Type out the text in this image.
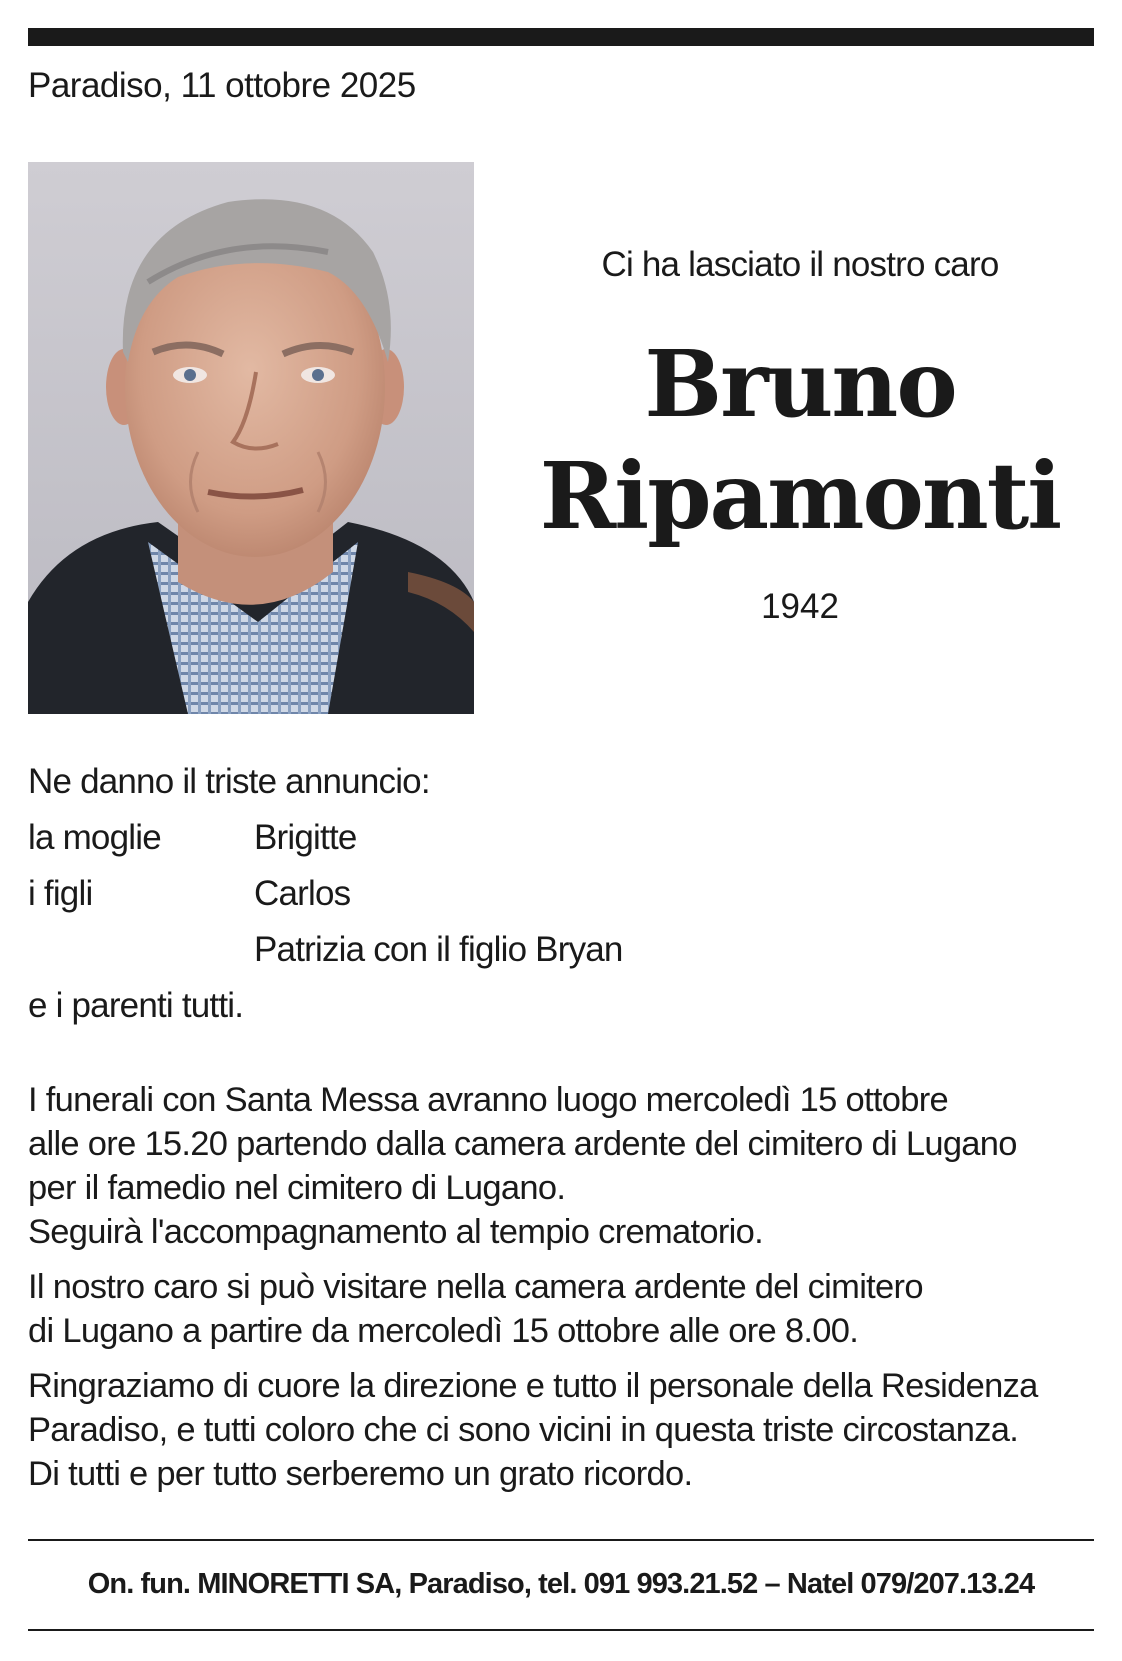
Paradiso, 11 ottobre 2025
Ci ha lasciato il nostro caro
Bruno
Ripamonti
1942
Ne danno il triste annuncio:
la moglie	Brigitte
i figli	Carlos
Patrizia con il figlio Bryan
e i parenti tutti.

I funerali con Santa Messa avranno luogo mercoledì 15 ottobre
alle ore 15.20 partendo dalla camera ardente del cimitero di Lugano
per il famedio nel cimitero di Lugano.
Seguirà l'accompagnamento al tempio crematorio.

Il nostro caro si può visitare nella camera ardente del cimitero
di Lugano a partire da mercoledì 15 ottobre alle ore 8.00.

Ringraziamo di cuore la direzione e tutto il personale della Residenza
Paradiso, e tutti coloro che ci sono vicini in questa triste circostanza.
Di tutti e per tutto serberemo un grato ricordo.

On. fun. MINORETTI SA, Paradiso, tel. 091 993.21.52 – Natel 079/207.13.24
